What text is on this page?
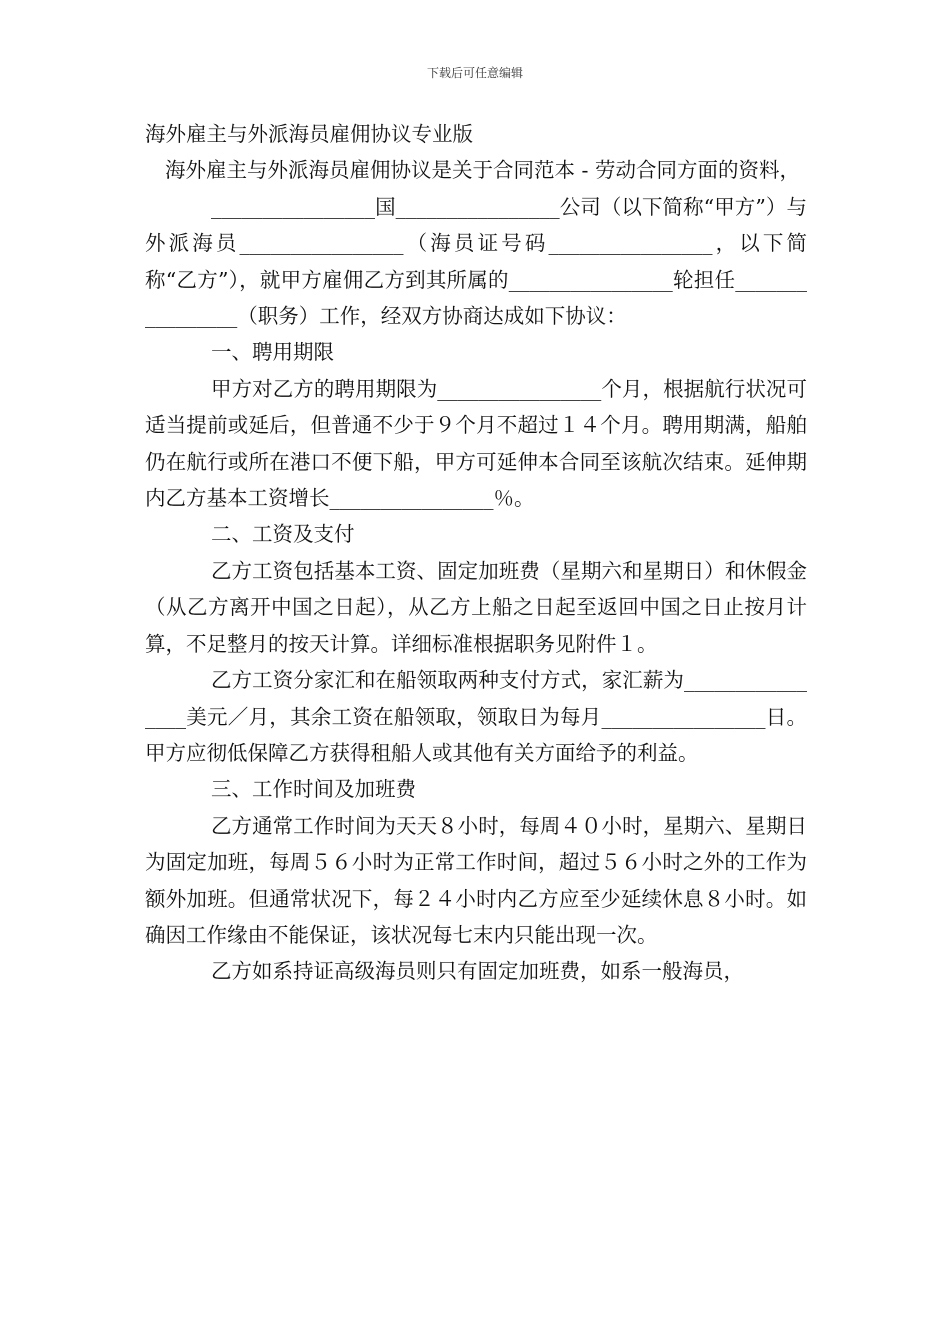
下载后可任意编辑

海外雇主与外派海员雇佣协议专业版

海外雇主与外派海员雇佣协议是关于合同范本 - 劳动合同方面的资料，

________________国________________公司（以下简称“甲方”）与外派海员________________（海员证号码________________，以下简称“乙方”），就甲方雇佣乙方到其所属的________________轮担任________________（职务）工作，经双方协商达成如下协议：

一、聘用期限

甲方对乙方的聘用期限为________________个月，根据航行状况可适当提前或延后，但普通不少于９个月不超过１４个月。聘用期满，船舶仍在航行或所在港口不便下船，甲方可延伸本合同至该航次结束。延伸期内乙方基本工资增长________________％。

二、工资及支付

乙方工资包括基本工资、固定加班费（星期六和星期日）和休假金（从乙方离开中国之日起），从乙方上船之日起至返回中国之日止按月计算，不足整月的按天计算。详细标准根据职务见附件１。

乙方工资分家汇和在船领取两种支付方式，家汇薪为________________美元／月，其余工资在船领取，领取日为每月________________日。甲方应彻低保障乙方获得租船人或其他有关方面给予的利益。

三、工作时间及加班费

乙方通常工作时间为天天８小时，每周４０小时，星期六、星期日为固定加班，每周５６小时为正常工作时间，超过５６小时之外的工作为额外加班。但通常状况下，每２４小时内乙方应至少延续休息８小时。如确因工作缘由不能保证，该状况每七末内只能出现一次。

乙方如系持证高级海员则只有固定加班费，如系一般海员，
